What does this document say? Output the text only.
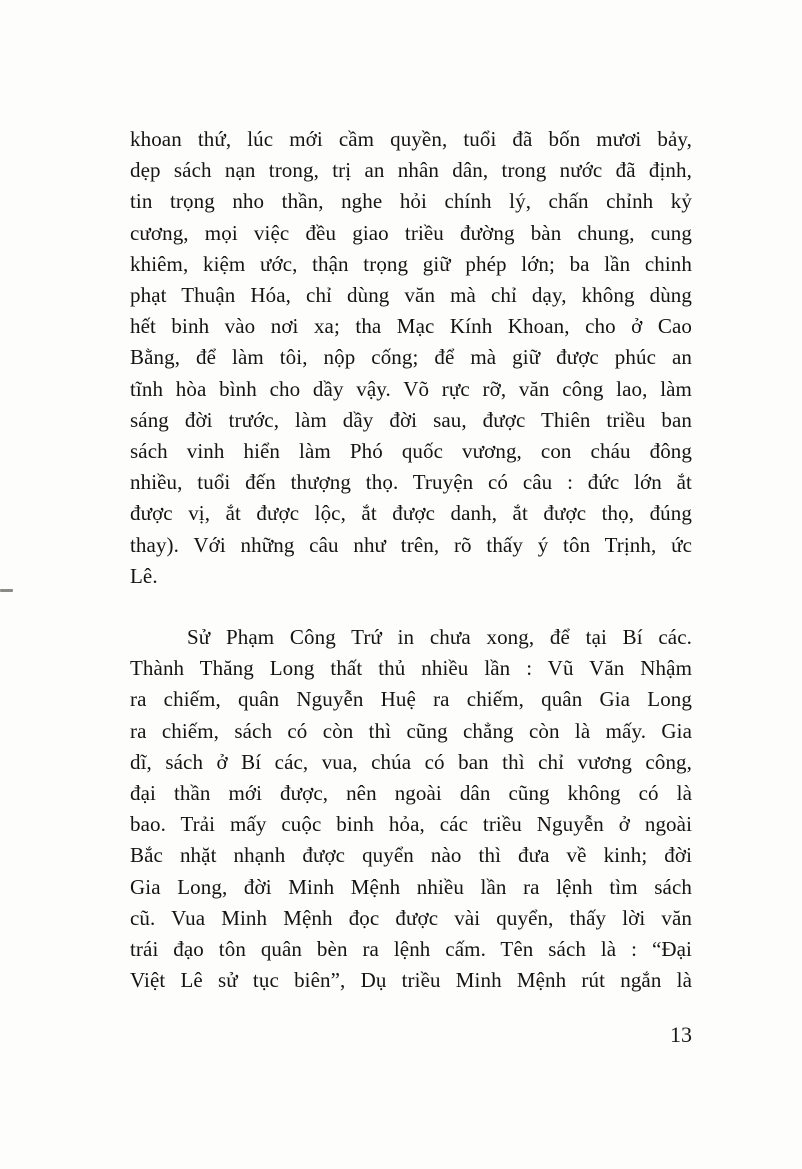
khoan thứ, lúc mới cầm quyền, tuổi đã bốn mươi bảy,
dẹp sách nạn trong, trị an nhân dân, trong nước đã định,
tin trọng nho thần, nghe hỏi chính lý, chấn chỉnh kỷ
cương, mọi việc đều giao triều đường bàn chung, cung
khiêm, kiệm ước, thận trọng giữ phép lớn; ba lần chinh
phạt Thuận Hóa, chỉ dùng văn mà chỉ dạy, không dùng
hết binh vào nơi xa; tha Mạc Kính Khoan, cho ở Cao
Bằng, để làm tôi, nộp cống; để mà giữ được phúc an
tĩnh hòa bình cho dầy vậy. Võ rực rỡ, văn công lao, làm
sáng đời trước, làm dầy đời sau, được Thiên triều ban
sách vinh hiển làm Phó quốc vương, con cháu đông
nhiều, tuổi đến thượng thọ. Truyện có câu : đức lớn ắt
được vị, ắt được lộc, ắt được danh, ắt được thọ, đúng
thay). Với những câu như trên, rõ thấy ý tôn Trịnh, ức
Lê.
Sử Phạm Công Trứ in chưa xong, để tại Bí các.
Thành Thăng Long thất thủ nhiều lần : Vũ Văn Nhậm
ra chiếm, quân Nguyễn Huệ ra chiếm, quân Gia Long
ra chiếm, sách có còn thì cũng chẳng còn là mấy. Gia
dĩ, sách ở Bí các, vua, chúa có ban thì chỉ vương công,
đại thần mới được, nên ngoài dân cũng không có là
bao. Trải mấy cuộc binh hỏa, các triều Nguyễn ở ngoài
Bắc nhặt nhạnh được quyển nào thì đưa về kinh; đời
Gia Long, đời Minh Mệnh nhiều lần ra lệnh tìm sách
cũ. Vua Minh Mệnh đọc được vài quyển, thấy lời văn
trái đạo tôn quân bèn ra lệnh cấm. Tên sách là : “Đại
Việt Lê sử tục biên”, Dụ triều Minh Mệnh rút ngắn là
13
